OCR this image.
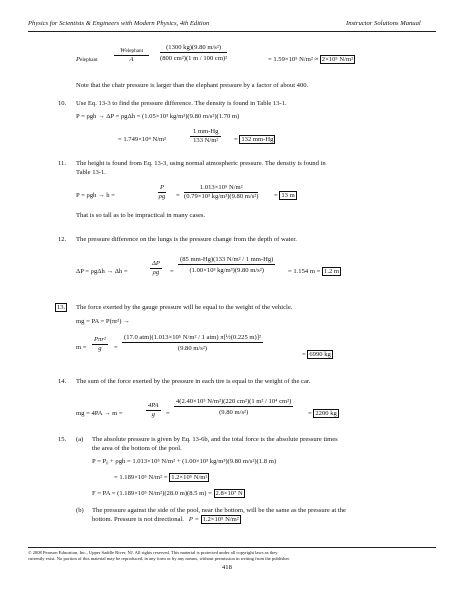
Physics for Scientists & Engineers with Modern Physics, 4th Edition	Instructor Solutions Manual
Pelephant
Welephant
A
(1300 kg)(9.80 m/s²)
(800 cm²)(1 m / 100 cm)²	= 1.59×10⁵ N/m² ≈ 2×10⁵ N/m²
Note that the chair pressure is larger than the elephant pressure by a factor of about 400.
10. Use Eq. 13-3 to find the pressure difference. The density is found in Table 13-1.
P = ρgh → ΔP = ρgΔh = (1.05×10³ kg/m³)(9.80 m/s²)(1.70 m)
= 1.749×10⁴ N/m²
1 mm-Hg
133 N/m²	= 132 mm-Hg
11. The height is found from Eq. 13-3, using normal atmospheric pressure. The density is found in
Table 13-1.
P = ρgh → h =
P
ρg =
1.013×10⁵ N/m²
(0.79×10³ kg/m³)(9.80 m/s²) = 13 m
That is so tall as to be impractical in many cases.
12. The pressure difference on the lungs is the pressure change from the depth of water.
ΔP = ρgΔh → Δh =
ΔP
ρg	=
(85 mm-Hg)(133 N/m² / 1 mm-Hg)
(1.00×10³ kg/m³)(9.80 m/s²)	= 1.154 m = 1.2 m
13.	The force exerted by the gauge pressure will be equal to the weight of the vehicle.
mg = PA = P(πr²) →
m =
Pπr²
g	=
(17.0 atm)(1.013×10⁵ N/m² / 1 atm) π[½(0.225 m)]²
(9.80 m/s²)
= 6990 kg
14. The sum of the force exerted by the pressure in each tire is equal to the weight of the car.
mg = 4PA → m =
4PA
g	=
4(2.40×10⁵ N/m²)(220 cm²)(1 m² / 10⁴ cm²)
(9.80 m/s²)	= 2200 kg
15. (a) The absolute pressure is given by Eq. 13-6b, and the total force is the absolute pressure times
the area of the bottom of the pool.
P = P₀ + ρgh = 1.013×10⁵ N/m² + (1.00×10³ kg/m³)(9.80 m/s²)(1.8 m)
= 1.189×10⁵ N/m² = 1.2×10⁵ N/m²
F = PA = (1.189×10⁵ N/m²)(28.0 m)(8.5 m) = 2.8×10⁷ N
(b) The pressure against the side of the pool, near the bottom, will be the same as the pressure at the
bottom. Pressure is not directional. P = 1.2×10⁵ N/m²
© 2008 Pearson Education, Inc., Upper Saddle River, NJ. All rights reserved. This material is protected under all copyright laws as they
currently exist. No portion of this material may be reproduced, in any form or by any means, without permission in writing from the publisher.
418
